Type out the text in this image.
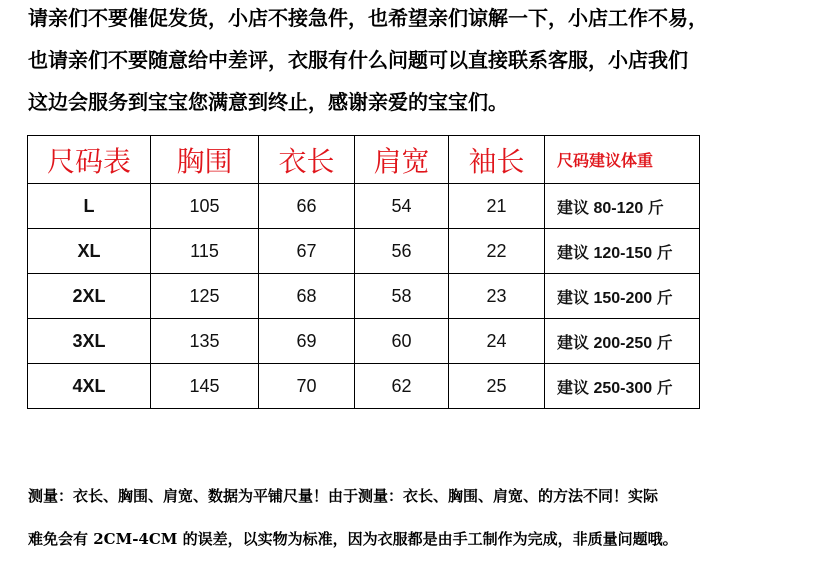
请亲们不要催促发货，小店不接急件，也希望亲们谅解一下，小店工作不易，
也请亲们不要随意给中差评，衣服有什么问题可以直接联系客服，小店我们
这边会服务到宝宝您满意到终止，感谢亲爱的宝宝们。
尺码表	胸围	衣长	肩宽	袖长	尺码建议体重
L	105	66	54	21	建议 80-120 斤
XL	115	67	56	22	建议 120-150 斤
2XL	125	68	58	23	建议 150-200 斤
3XL	135	69	60	24	建议 200-250 斤
4XL	145	70	62	25	建议 250-300 斤
测量：衣长、胸围、肩宽、数据为平铺尺量！由于测量：衣长、胸围、肩宽、的方法不同！实际
难免会有 2CM-4CM 的误差，以实物为标准，因为衣服都是由手工制作为完成，非质量问题哦。
